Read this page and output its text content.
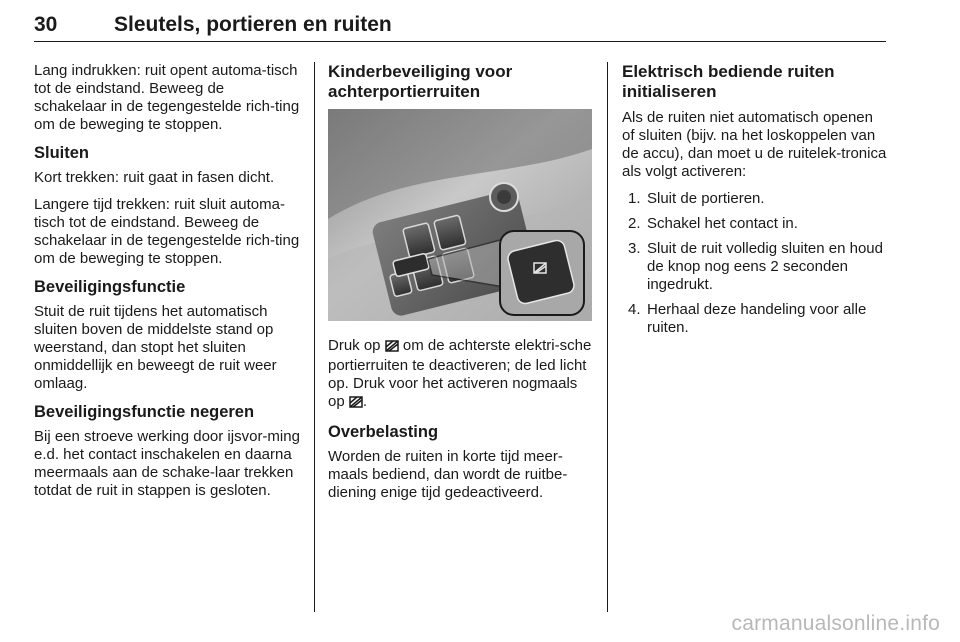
30	Sleutels, portieren en ruiten

Lang indrukken: ruit opent automa-tisch tot de eindstand. Beweeg de schakelaar in de tegengestelde rich-ting om de beweging te stoppen.

Sluiten

Kort trekken: ruit gaat in fasen dicht.

Langere tijd trekken: ruit sluit automa-tisch tot de eindstand. Beweeg de schakelaar in de tegengestelde rich-ting om de beweging te stoppen.

Beveiligingsfunctie

Stuit de ruit tijdens het automatisch sluiten boven de middelste stand op weerstand, dan stopt het sluiten onmiddellijk en beweegt de ruit weer omlaag.

Beveiligingsfunctie negeren

Bij een stroeve werking door ijsvor-ming e.d. het contact inschakelen en daarna meermaals aan de schake-laar trekken totdat de ruit in stappen is gesloten.

Kinderbeveiliging voor achterportierruiten

Druk op  om de achterste elektri-sche portierruiten te deactiveren; de led licht op. Druk voor het activeren nogmaals op .

Overbelasting

Worden de ruiten in korte tijd meer-maals bediend, dan wordt de ruitbe-diening enige tijd gedeactiveerd.

Elektrisch bediende ruiten initialiseren

Als de ruiten niet automatisch openen of sluiten (bijv. na het loskoppelen van de accu), dan moet u de ruitelek-tronica als volgt activeren:

1. Sluit de portieren.
2. Schakel het contact in.
3. Sluit de ruit volledig sluiten en houd de knop nog eens 2 seconden ingedrukt.
4. Herhaal deze handeling voor alle ruiten.
carmanualsonline.info
